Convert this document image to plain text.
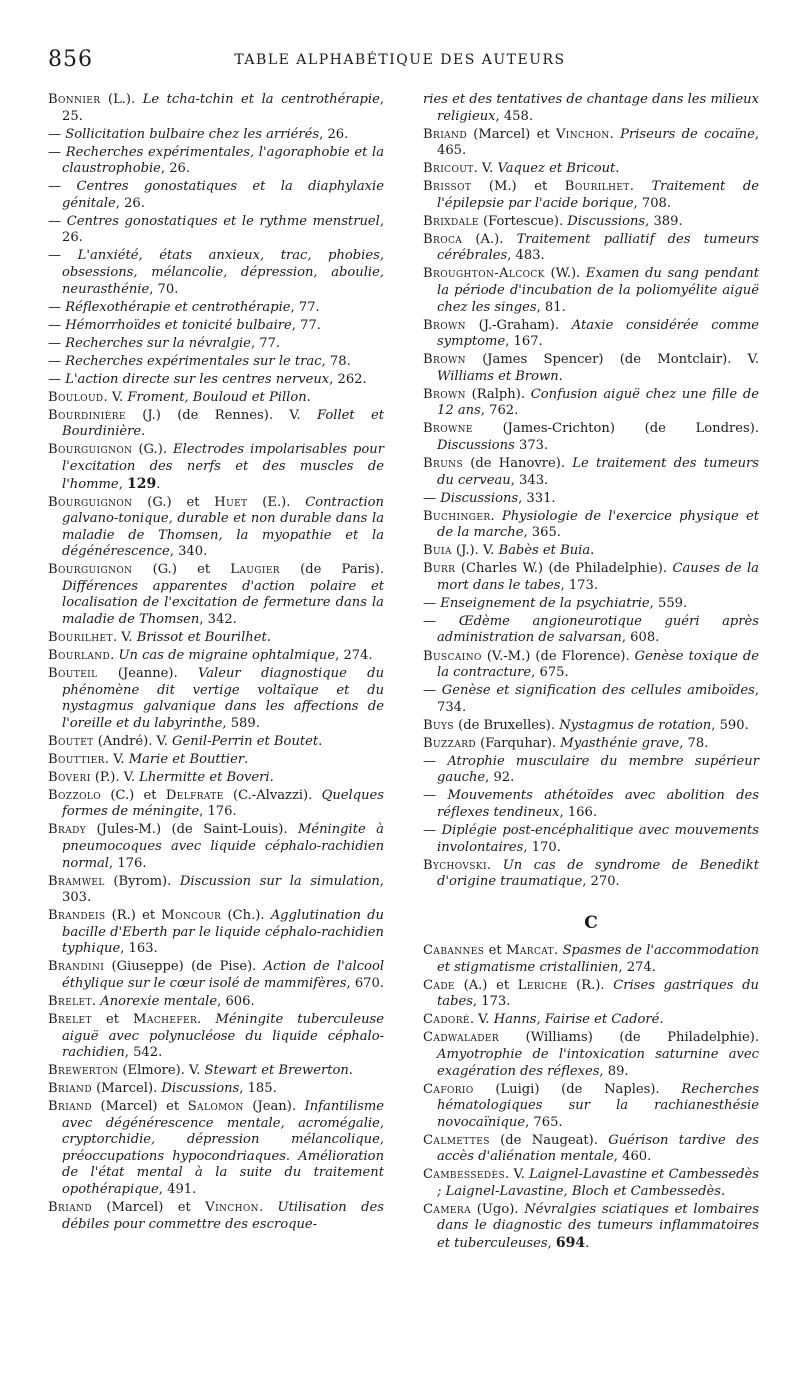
856	TABLE ALPHABÉTIQUE DES AUTEURS
Bonnier (L.). Le tcha-tchin et la centrothérapie, 25.
— Sollicitation bulbaire chez les arriérés, 26.
— Recherches expérimentales, l'agoraphobie et la claustrophobie, 26.
— Centres gonostatiques et la diaphylaxie génitale, 26.
— Centres gonostatiques et le rythme menstruel, 26.
— L'anxiété, états anxieux, trac, phobies, obsessions, mélancolie, dépression, aboulie, neurasthénie, 70.
— Réflexothérapie et centrothérapie, 77.
— Hémorrhoïdes et tonicité bulbaire, 77.
— Recherches sur la névralgie, 77.
— Recherches expérimentales sur le trac, 78.
— L'action directe sur les centres nerveux, 262.
Bouloud. V. Froment, Bouloud et Pillon.
Bourdinière (J.) (de Rennes). V. Follet et Bourdinière.
Bourguignon (G.). Electrodes impolarisables pour l'excitation des nerfs et des muscles de l'homme, 129.
Bourguignon (G.) et Huet (E.). Contraction galvano-tonique, durable et non durable dans la maladie de Thomsen, la myopathie et la dégénérescence, 340.
Bourguignon (G.) et Laugier (de Paris). Différences apparentes d'action polaire et localisation de l'excitation de fermeture dans la maladie de Thomsen, 342.
Bourilhet. V. Brissot et Bourilhet.
Bourland. Un cas de migraine ophtalmique, 274.
Bouteil (Jeanne). Valeur diagnostique du phénomène dit vertige voltaïque et du nystagmus galvanique dans les affections de l'oreille et du labyrinthe, 589.
Boutet (André). V. Genil-Perrin et Boutet.
Bouttier. V. Marie et Bouttier.
Boveri (P.). V. Lhermitte et Boveri.
Bozzolo (C.) et Delfrate (C.-Alvazzi). Quelques formes de méningite, 176.
Brady (Jules-M.) (de Saint-Louis). Méningite à pneumocoques avec liquide céphalo-rachidien normal, 176.
Bramwel (Byrom). Discussion sur la simulation, 303.
Brandeis (R.) et Moncour (Ch.). Agglutination du bacille d'Eberth par le liquide céphalo-rachidien typhique, 163.
Brandini (Giuseppe) (de Pise). Action de l'alcool éthylique sur le cœur isolé de mammifères, 670.
Brelet. Anorexie mentale, 606.
Brelet et Machefer. Méningite tuberculeuse aiguë avec polynucléose du liquide céphalo-rachidien, 542.
Brewerton (Elmore). V. Stewart et Brewerton.
Briand (Marcel). Discussions, 185.
Briand (Marcel) et Salomon (Jean). Infantilisme avec dégénérescence mentale, acromégalie, cryptorchidie, dépression mélancolique, préoccupations hypocondriaques. Amélioration de l'état mental à la suite du traitement opothérapique, 491.
Briand (Marcel) et Vinchon. Utilisation des débiles pour commettre des escroque-
ries et des tentatives de chantage dans les milieux religieux, 458.
Briand (Marcel) et Vinchon. Priseurs de cocaïne, 465.
Bricout. V. Vaquez et Bricout.
Brissot (M.) et Bourilhet. Traitement de l'épilepsie par l'acide borique, 708.
Brixdale (Fortescue). Discussions, 389.
Broca (A.). Traitement palliatif des tumeurs cérébrales, 483.
Broughton-Alcock (W.). Examen du sang pendant la période d'incubation de la poliomyélite aiguë chez les singes, 81.
Brown (J.-Graham). Ataxie considérée comme symptome, 167.
Brown (James Spencer) (de Montclair). V. Williams et Brown.
Brown (Ralph). Confusion aiguë chez une fille de 12 ans, 762.
Browne (James-Crichton) (de Londres). Discussions 373.
Bruns (de Hanovre). Le traitement des tumeurs du cerveau, 343.
— Discussions, 331.
Buchinger. Physiologie de l'exercice physique et de la marche, 365.
Buia (J.). V. Babès et Buia.
Burr (Charles W.) (de Philadelphie). Causes de la mort dans le tabes, 173.
— Enseignement de la psychiatrie, 559.
— Œdème angioneurotique guéri après administration de salvarsan, 608.
Buscaino (V.-M.) (de Florence). Genèse toxique de la contracture, 675.
— Genèse et signification des cellules amiboïdes, 734.
Buys (de Bruxelles). Nystagmus de rotation, 590.
Buzzard (Farquhar). Myasthénie grave, 78.
— Atrophie musculaire du membre supérieur gauche, 92.
— Mouvements athétoïdes avec abolition des réflexes tendineux, 166.
— Diplégie post-encéphalitique avec mouvements involontaires, 170.
Bychovski. Un cas de syndrome de Benedikt d'origine traumatique, 270.
C
Cabannes et Marcat. Spasmes de l'accommodation et stigmatisme cristallinien, 274.
Cade (A.) et Leriche (R.). Crises gastriques du tabes, 173.
Cadoré. V. Hanns, Fairise et Cadoré.
Cadwalader (Williams) (de Philadelphie). Amyotrophie de l'intoxication saturnine avec exagération des réflexes, 89.
Caforio (Luigi) (de Naples). Recherches hématologiques sur la rachianesthésie novocaïnique, 765.
Calmettes (de Naugeat). Guérison tardive des accès d'aliénation mentale, 460.
Cambessedès. V. Laignel-Lavastine et Cambessedès ; Laignel-Lavastine, Bloch et Cambessedès.
Camera (Ugo). Névralgies sciatiques et lombaires dans le diagnostic des tumeurs inflammatoires et tuberculeuses, 694.
